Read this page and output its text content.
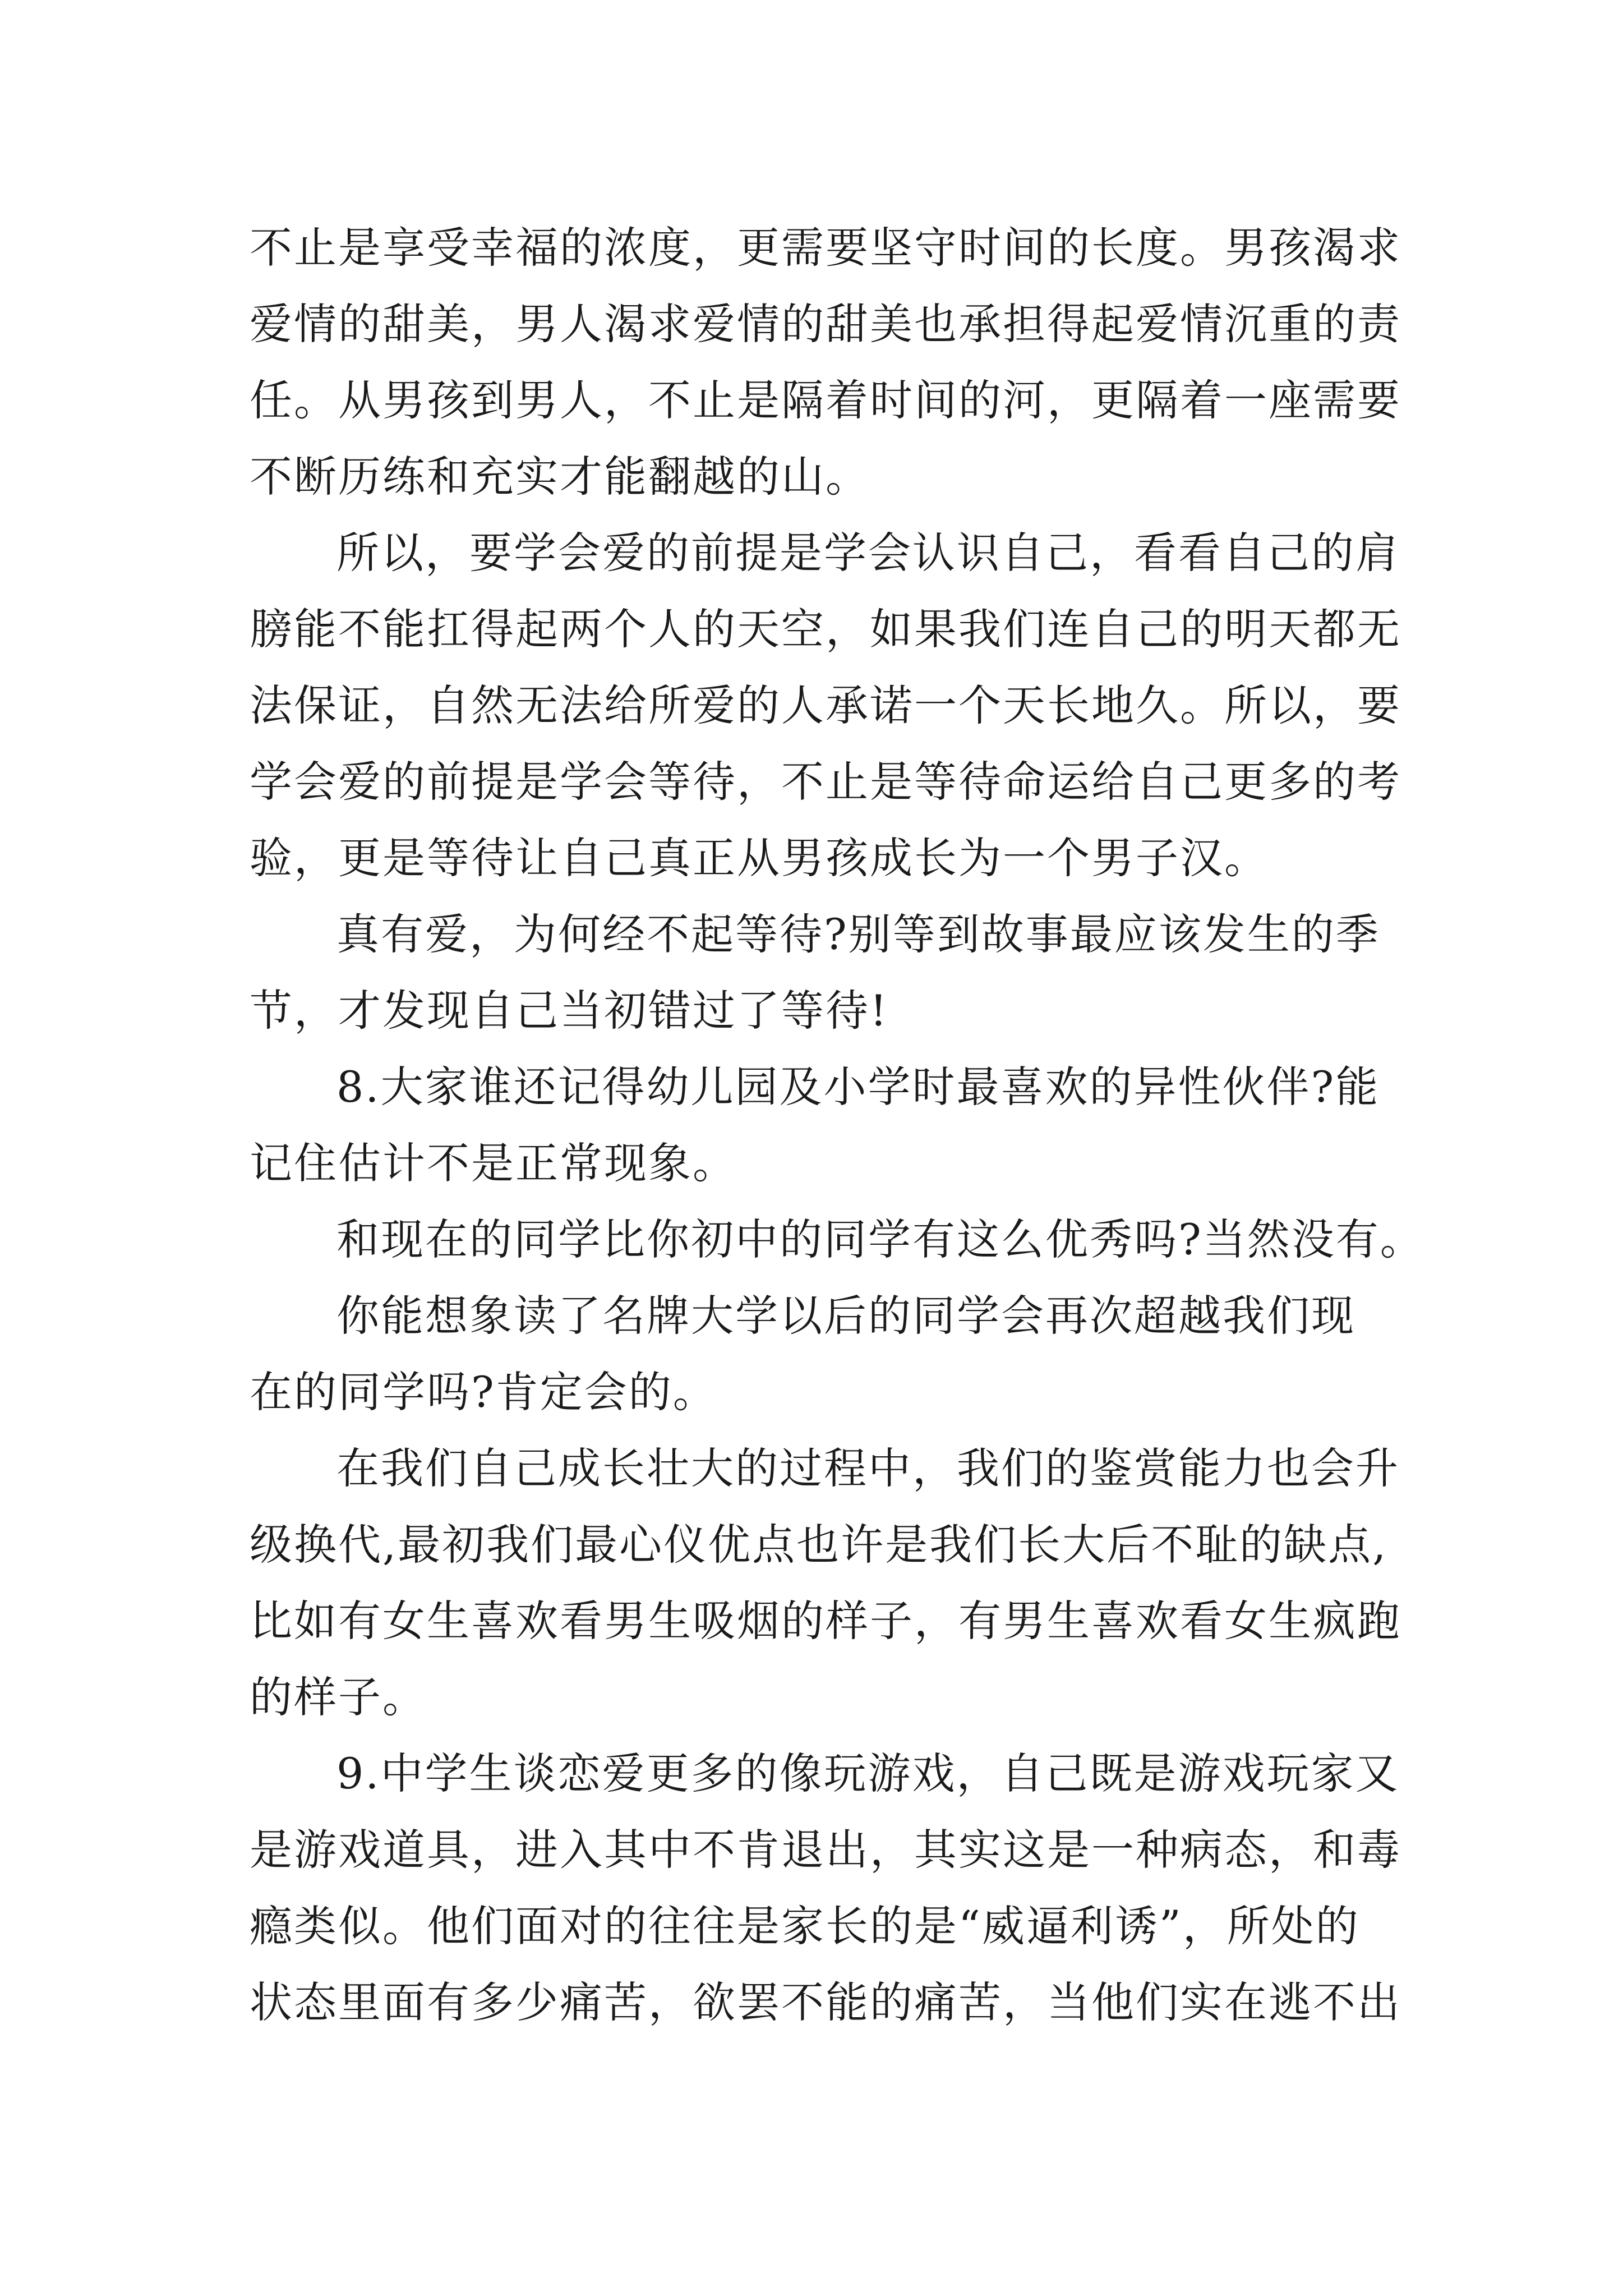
不止是享受幸福的浓度，更需要坚守时间的长度。男孩渴求
爱情的甜美，男人渴求爱情的甜美也承担得起爱情沉重的责
任。从男孩到男人，不止是隔着时间的河，更隔着一座需要
不断历练和充实才能翻越的山。
所以，要学会爱的前提是学会认识自己，看看自己的肩
膀能不能扛得起两个人的天空，如果我们连自己的明天都无
法保证，自然无法给所爱的人承诺一个天长地久。所以，要
学会爱的前提是学会等待，不止是等待命运给自己更多的考
验，更是等待让自己真正从男孩成长为一个男子汉。
真有爱，为何经不起等待?别等到故事最应该发生的季
节，才发现自己当初错过了等待!
8.大家谁还记得幼儿园及小学时最喜欢的异性伙伴?能
记住估计不是正常现象。
和现在的同学比你初中的同学有这么优秀吗?当然没有。
你能想象读了名牌大学以后的同学会再次超越我们现
在的同学吗?肯定会的。
在我们自己成长壮大的过程中，我们的鉴赏能力也会升
级换代,最初我们最心仪优点也许是我们长大后不耻的缺点,
比如有女生喜欢看男生吸烟的样子，有男生喜欢看女生疯跑
的样子。
9.中学生谈恋爱更多的像玩游戏，自己既是游戏玩家又
是游戏道具，进入其中不肯退出，其实这是一种病态，和毒
瘾类似。他们面对的往往是家长的是“威逼利诱”，所处的
状态里面有多少痛苦，欲罢不能的痛苦，当他们实在逃不出
